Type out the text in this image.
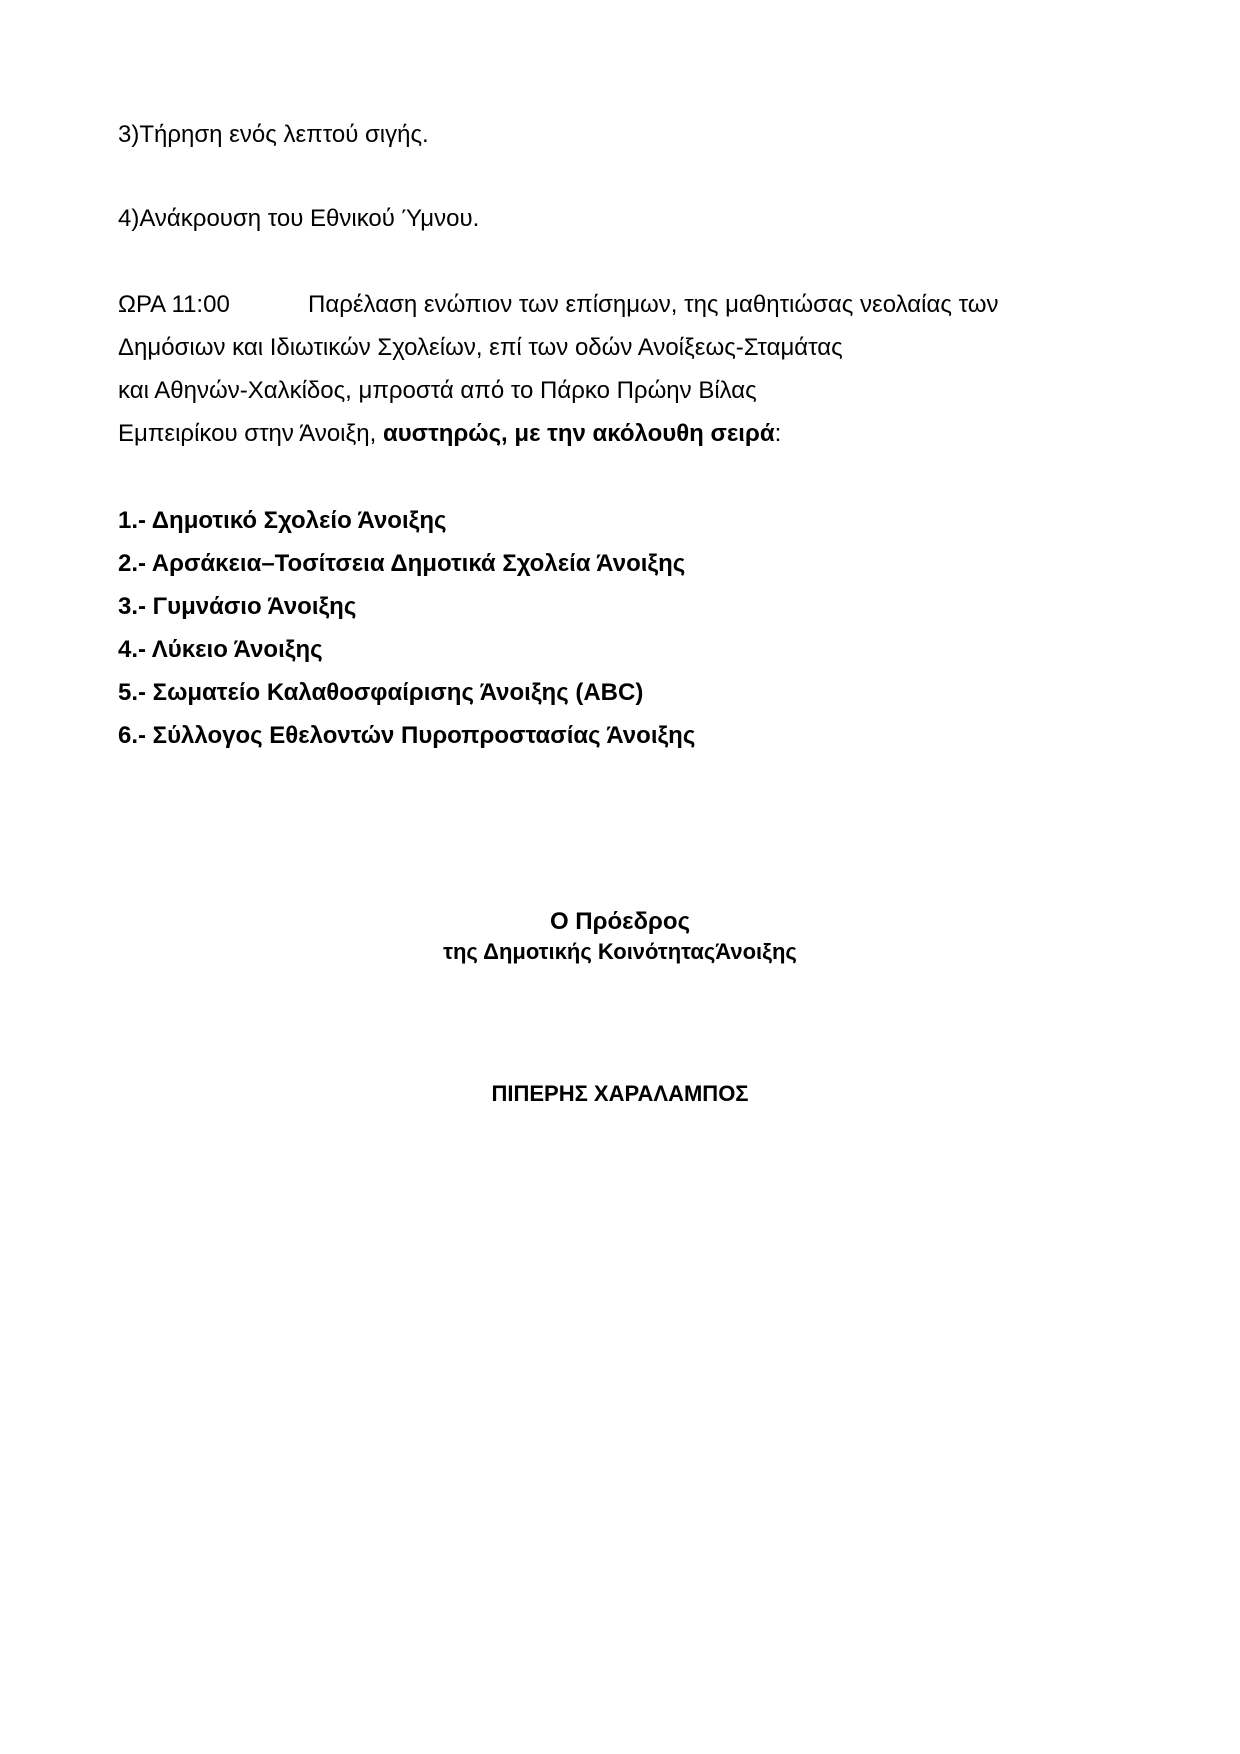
3)Τήρηση ενός λεπτού σιγής.
4)Ανάκρουση του Εθνικού Ύμνου.
ΩΡΑ 11:00	Παρέλαση ενώπιον των επίσημων, της μαθητιώσας νεολαίας των
Δημόσιων και Ιδιωτικών Σχολείων, επί των οδών Ανοίξεως-Σταμάτας
και Αθηνών-Χαλκίδος, μπροστά από το Πάρκο Πρώην Βίλας
Εμπειρίκου στην Άνοιξη, αυστηρώς, με την ακόλουθη σειρά:
1.- Δημοτικό Σχολείο Άνοιξης
2.- Αρσάκεια–Τοσίτσεια Δημοτικά Σχολεία Άνοιξης
3.- Γυμνάσιο Άνοιξης
4.- Λύκειο Άνοιξης
5.- Σωματείο Καλαθοσφαίρισης Άνοιξης (ABC)
6.- Σύλλογος Εθελοντών Πυροπροστασίας Άνοιξης
Ο Πρόεδρος
της Δημοτικής ΚοινότηταςΆνοιξης
ΠΙΠΕΡΗΣ ΧΑΡΑΛΑΜΠΟΣ
